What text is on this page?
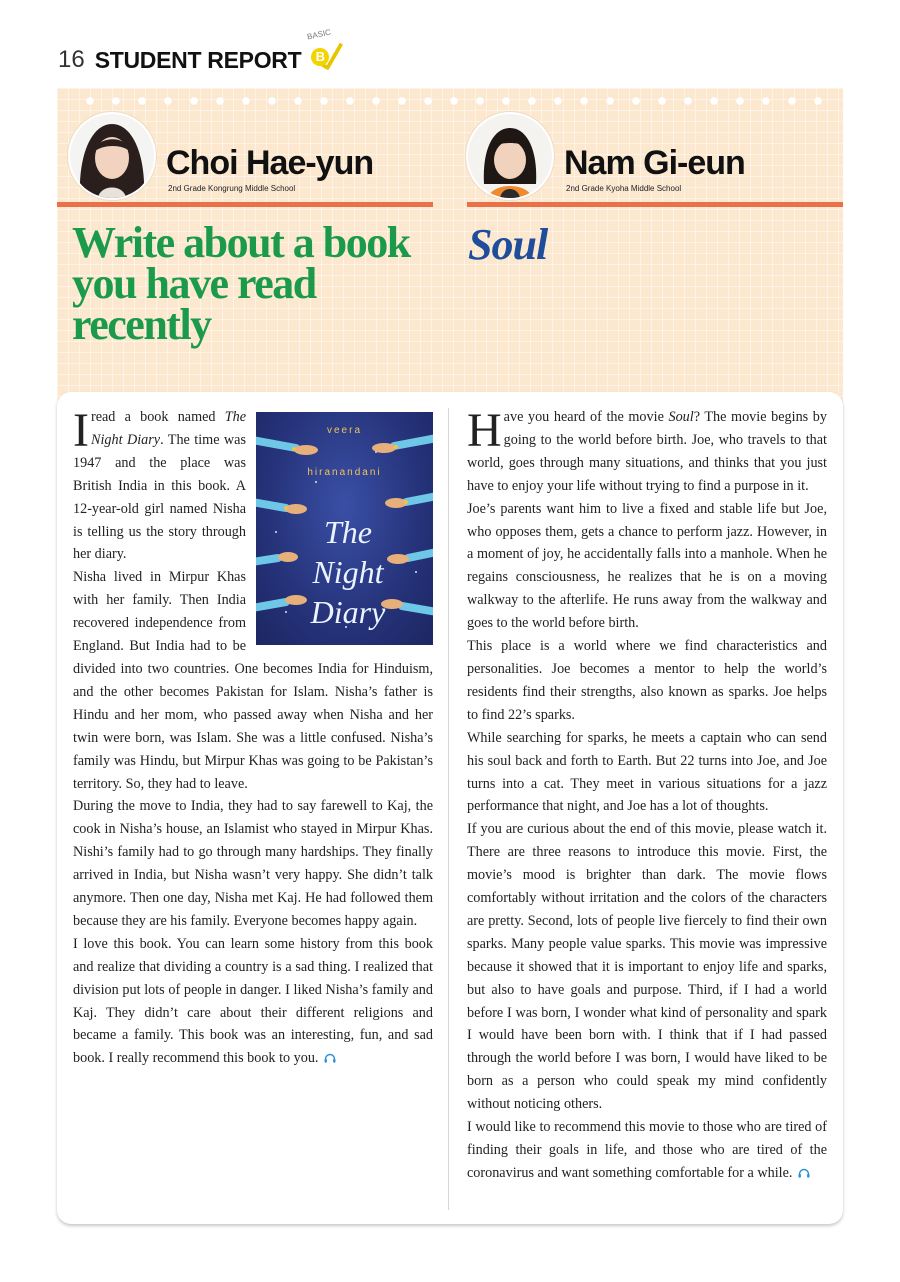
16 STUDENT REPORT
BASIC
B
Choi Hae-yun
2nd Grade Kongrung Middle School
Nam Gi-eun
2nd Grade Kyoha Middle School
Write about a book you have read recently
Soul
veera
hiranandani
The
Night
Diary

Iread a book named The Night Diary. The time was 1947 and the place was British India in this book. A 12-year-old girl named Nisha is telling us the story through her diary.

Nisha lived in Mirpur Khas with her family. Then India recovered independence from England. But India had to be divided into two countries. One becomes India for Hinduism, and the other becomes Pakistan for Islam. Nisha’s father is Hindu and her mom, who passed away when Nisha and her twin were born, was Islam. She was a little confused. Nisha’s family was Hindu, but Mirpur Khas was going to be Pakistan’s territory. So, they had to leave.

During the move to India, they had to say farewell to Kaj, the cook in Nisha’s house, an Islamist who stayed in Mirpur Khas. Nishi’s family had to go through many hardships. They finally arrived in India, but Nisha wasn’t very happy. She didn’t talk anymore. Then one day, Nisha met Kaj. He had followed them because they are his family. Everyone becomes happy again.

I love this book. You can learn some history from this book and realize that dividing a country is a sad thing. I realized that division put lots of people in danger. I liked Nisha’s family and Kaj. They didn’t care about their different religions and became a family. This book was an interesting, fun, and sad book. I really recommend this book to you.

Have you heard of the movie Soul? The movie begins by going to the world before birth. Joe, who travels to that world, goes through many situations, and thinks that you just have to enjoy your life without trying to find a purpose in it.

Joe’s parents want him to live a fixed and stable life but Joe, who opposes them, gets a chance to perform jazz. However, in a moment of joy, he accidentally falls into a manhole. When he regains consciousness, he realizes that he is on a moving walkway to the afterlife. He runs away from the walkway and goes to the world before birth.

This place is a world where we find characteristics and personalities. Joe becomes a mentor to help the world’s residents find their strengths, also known as sparks. Joe helps to find 22’s sparks.

While searching for sparks, he meets a captain who can send his soul back and forth to Earth. But 22 turns into Joe, and Joe turns into a cat. They meet in various situations for a jazz performance that night, and Joe has a lot of thoughts.

If you are curious about the end of this movie, please watch it. There are three reasons to introduce this movie. First, the movie’s mood is brighter than dark. The movie flows comfortably without irritation and the colors of the characters are pretty. Second, lots of people live fiercely to find their own sparks. Many people value sparks. This movie was impressive because it showed that it is important to enjoy life and sparks, but also to have goals and purpose. Third, if I had a world before I was born, I wonder what kind of personality and spark I would have been born with. I think that if I had passed through the world before I was born, I would have liked to be born as a person who could speak my mind confidently without noticing others.

I would like to recommend this movie to those who are tired of finding their goals in life, and those who are tired of the coronavirus and want something comfortable for a while.
